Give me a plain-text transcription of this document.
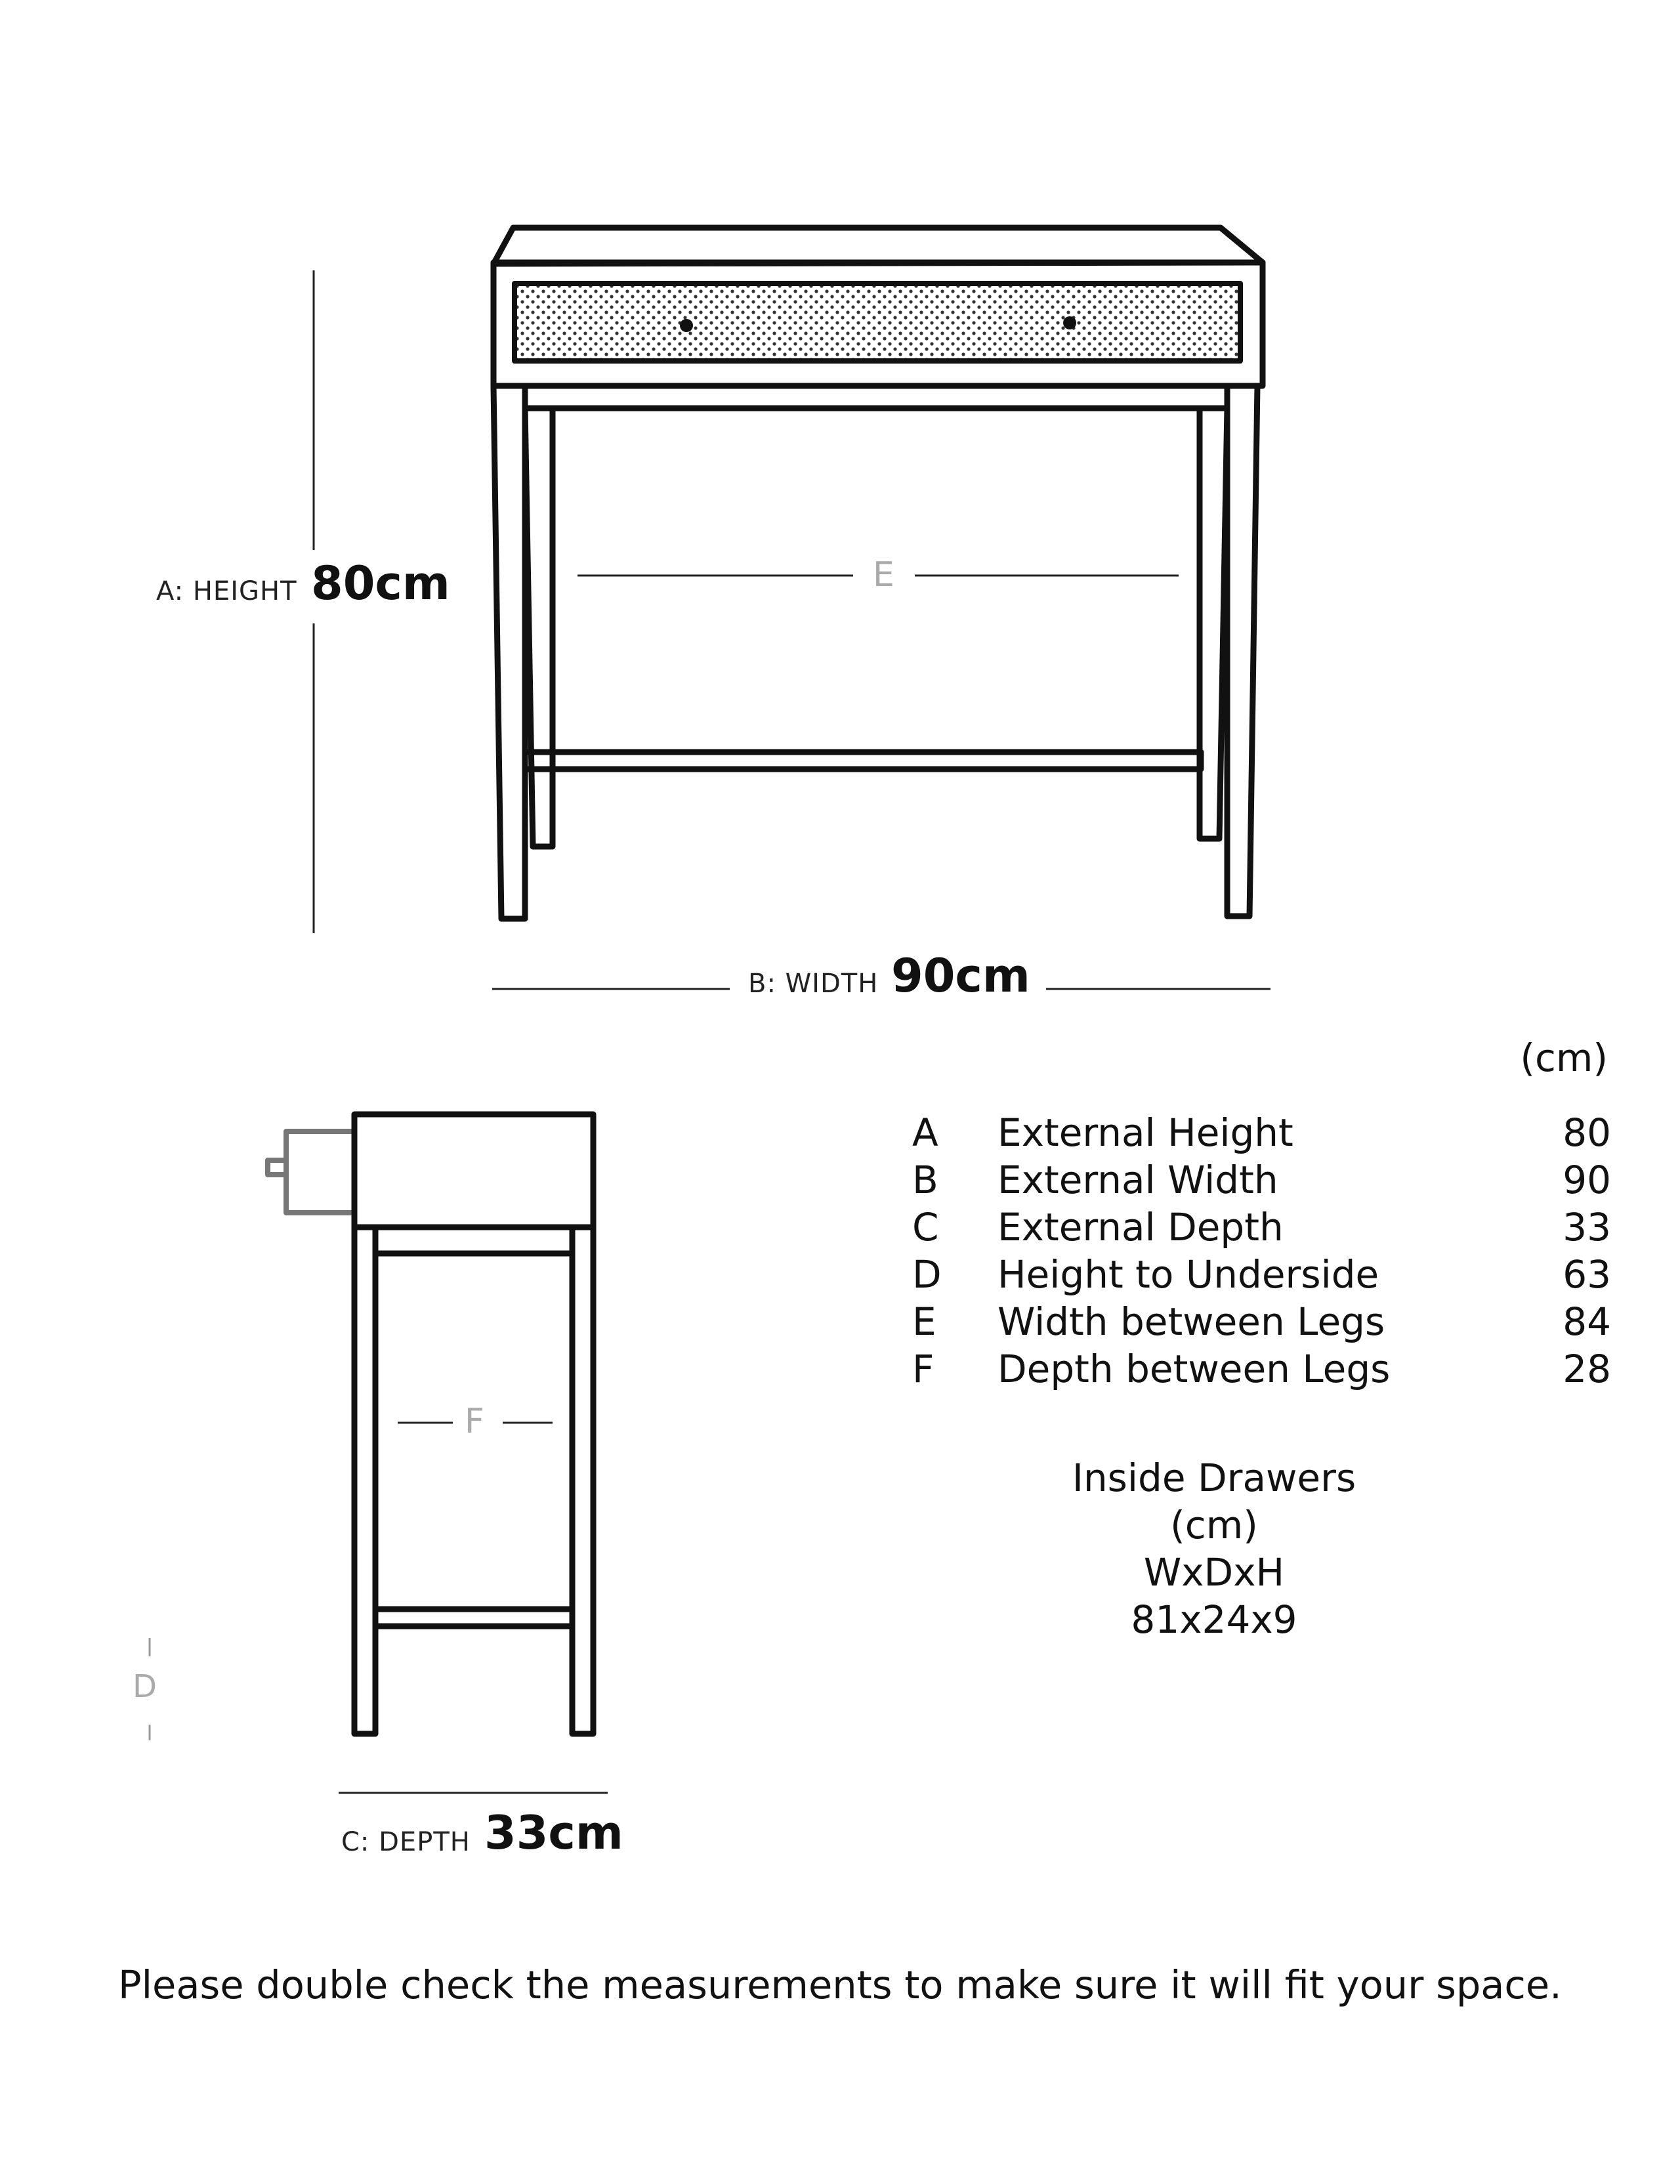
A: HEIGHT 80cm	E
B: WIDTH 90cm
F
D
C: DEPTH 33cm
(cm)
A	External Height	80
B	External Width	90
C	External Depth	33
D	Height to Underside	63
E	Width between Legs	84
F	Depth between Legs	28
Inside Drawers (cm)
WxDxH
81x24x9
Please double check the measurements to make sure it will fit your space.
